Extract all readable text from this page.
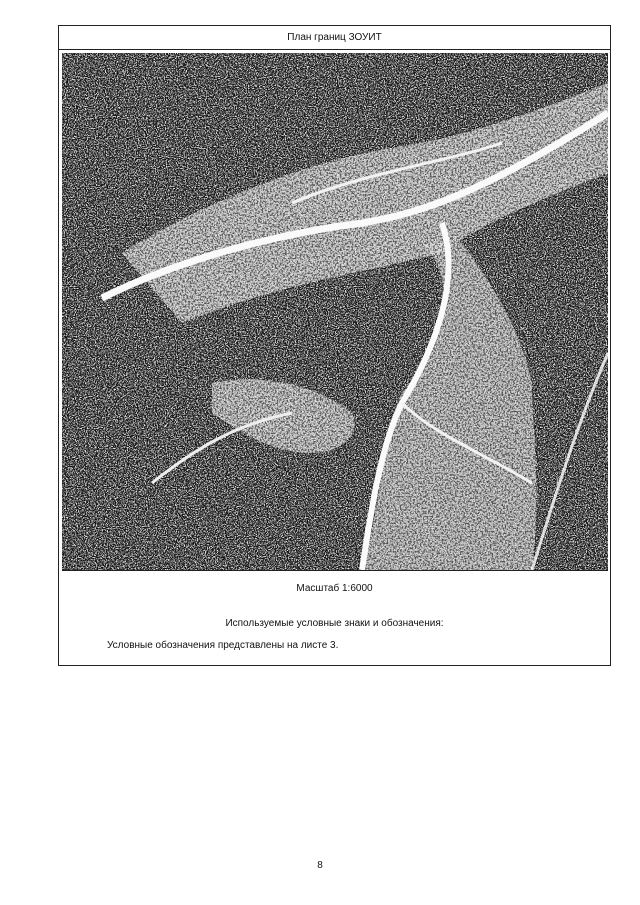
План границ ЗОУИТ
Масштаб 1:6000
Используемые условные знаки и обозначения:
Условные обозначения представлены на листе 3.
8
